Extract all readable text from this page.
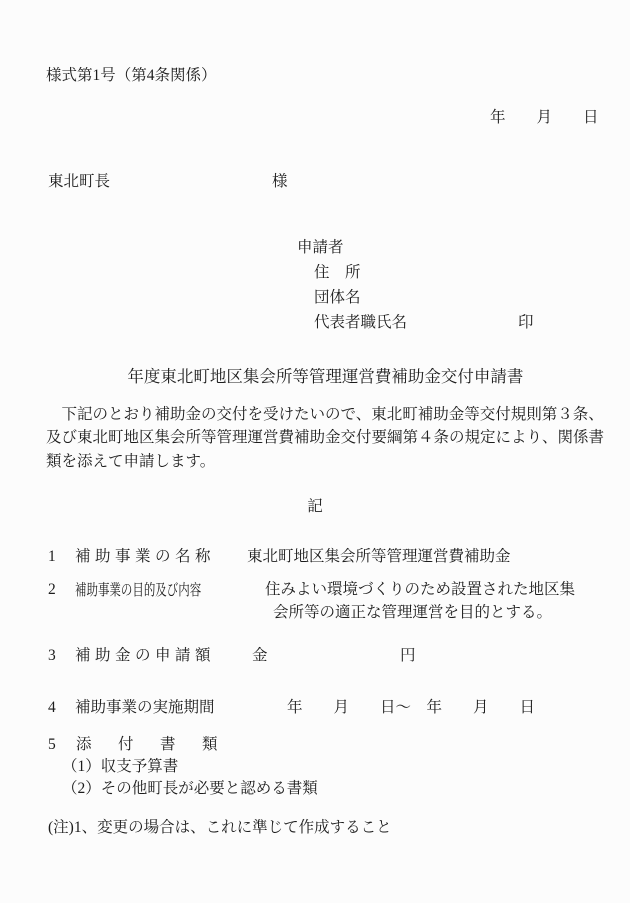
様式第1号（第4条関係）
年　　月　　日
東北町長	様
申請者
住　所
団体名
代表者職氏名	印
　 年度東北町地区集会所等管理運営費補助金交付申請書
　下記のとおり補助金の交付を受けたいので、東北町補助金等交付規則第３条、
及び東北町地区集会所等管理運営費補助金交付要綱第４条の規定により、関係書
類を添えて申請します。
記
1 補助事業の名称 東北町地区集会所等管理運営費補助金
2 補助事業の目的及び内容	住みよい環境づくりのため設置された地区集
会所等の適正な管理運営を目的とする。
3 補助金の申請額 金	円
4 補助事業の実施期間	年　　月　　日～　年　　月　　日
5 添　付　書　類
（1）収支予算書
（2）その他町長が必要と認める書類
(注)1、変更の場合は、これに準じて作成すること
